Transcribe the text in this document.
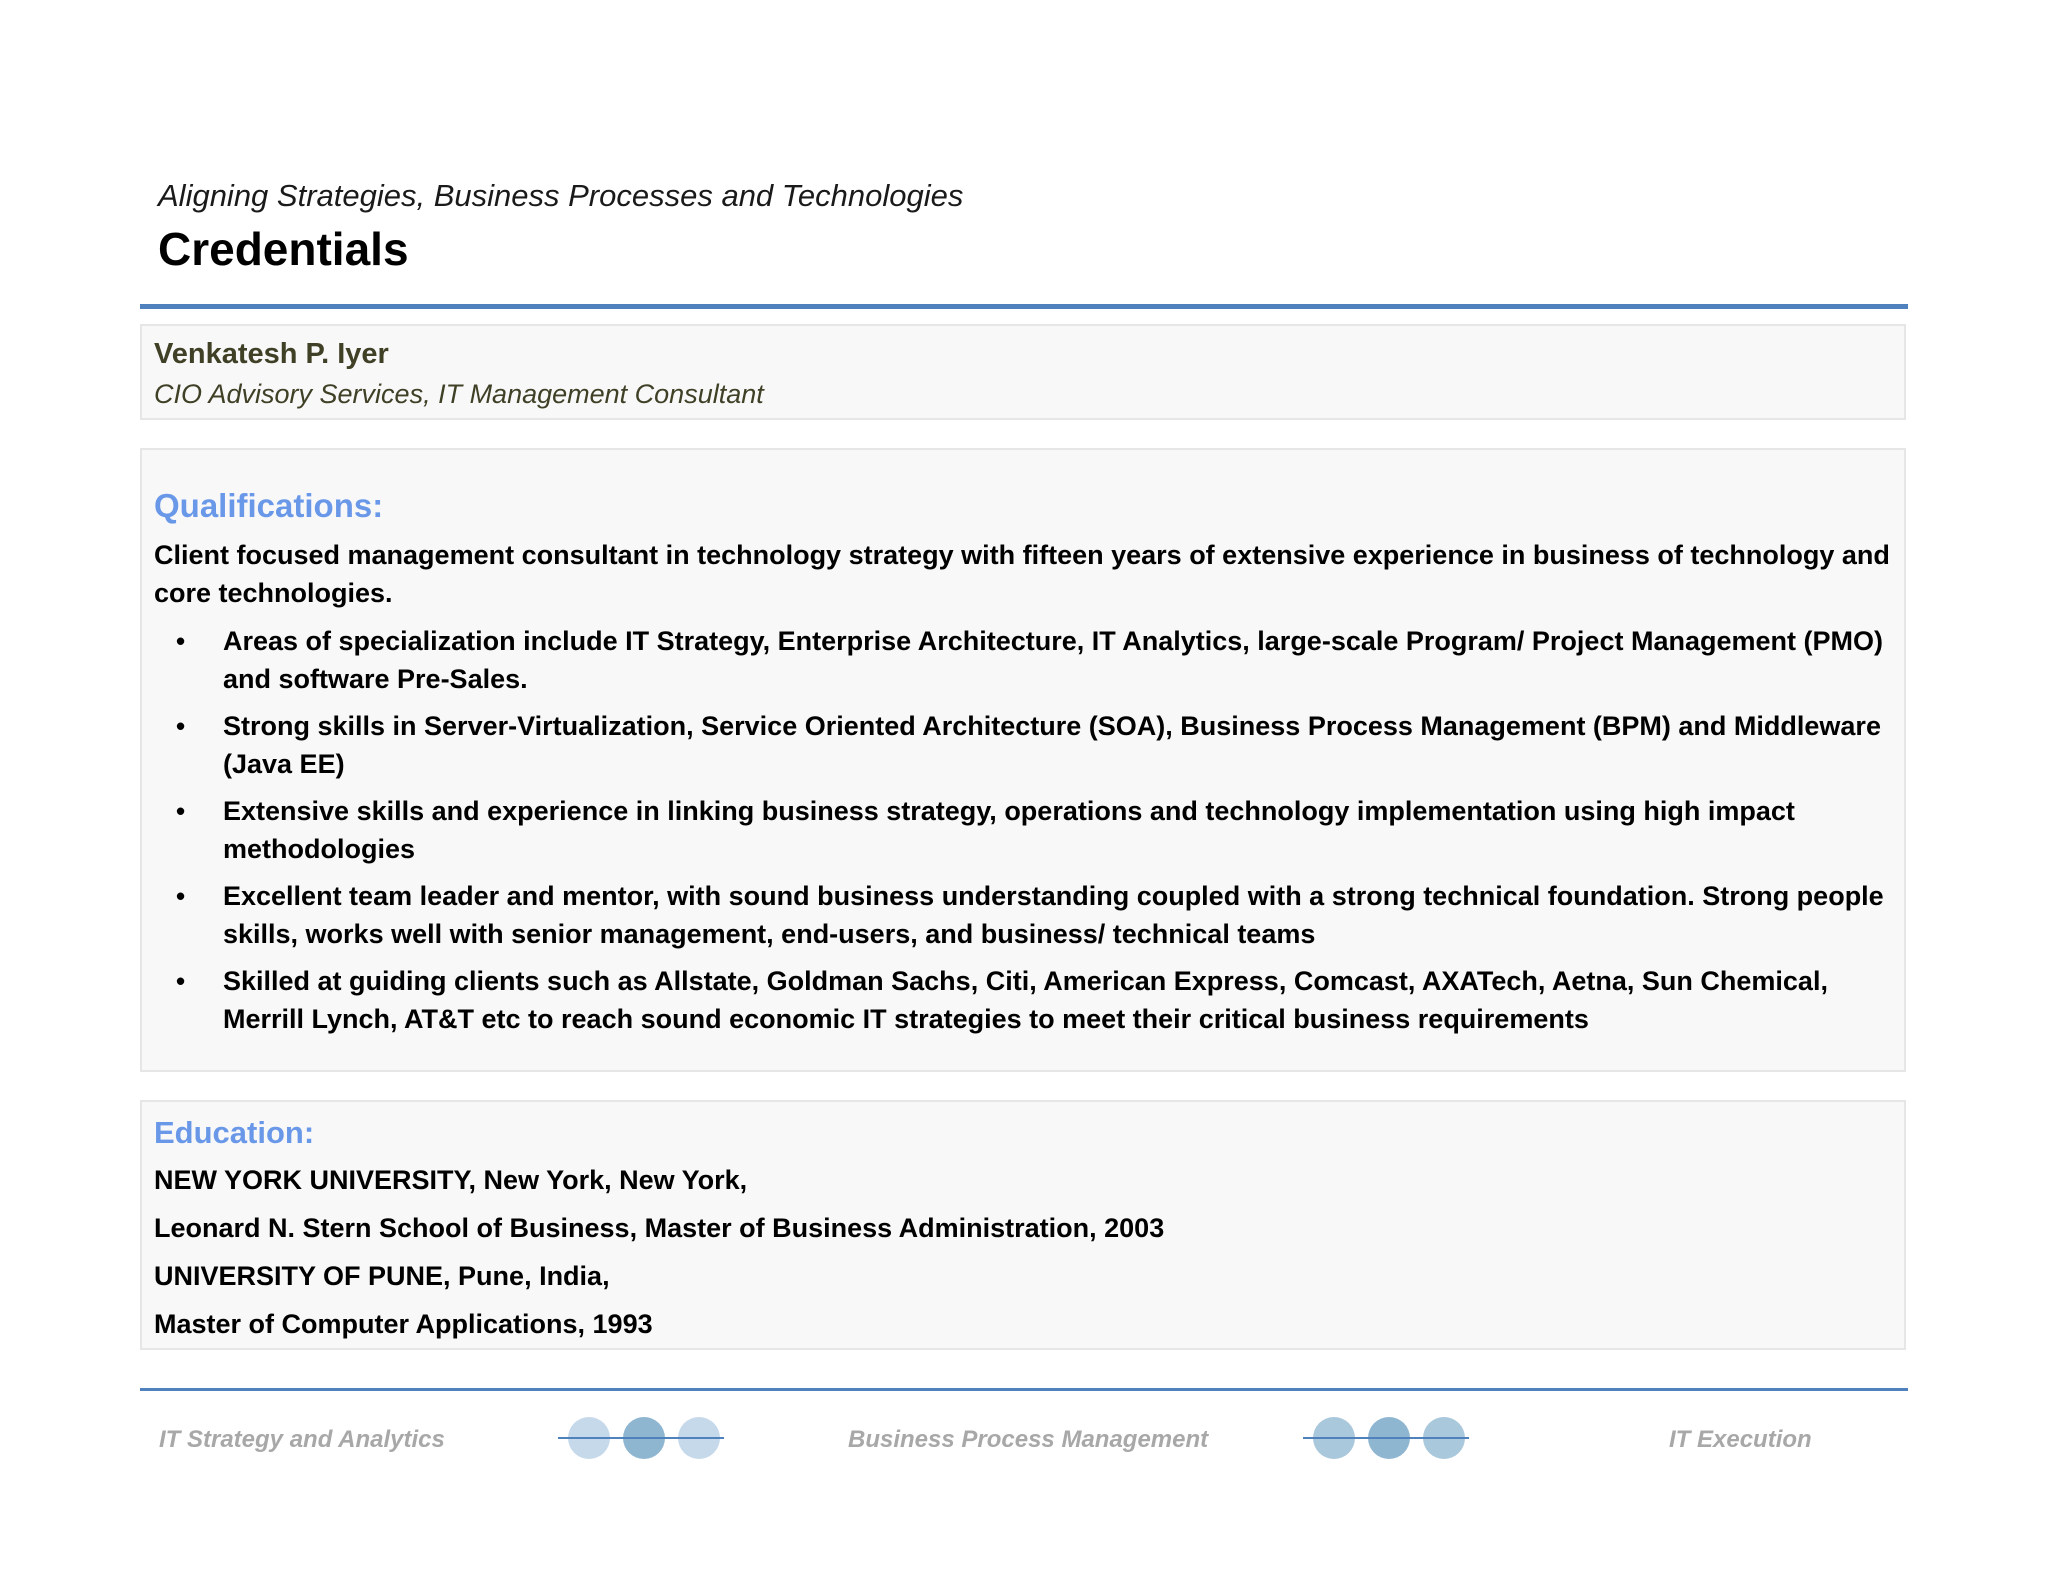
Aligning Strategies, Business Processes and Technologies
Credentials
Venkatesh P. Iyer
CIO Advisory Services, IT Management Consultant
Qualifications:
Client focused management consultant in technology strategy with fifteen years of extensive experience in business of technology and core technologies.
• Areas of specialization include IT Strategy, Enterprise Architecture, IT Analytics, large-scale Program/ Project Management (PMO) and software Pre-Sales.
• Strong skills in Server-Virtualization, Service Oriented Architecture (SOA), Business Process Management (BPM) and Middleware (Java EE)
• Extensive skills and experience in linking business strategy, operations and technology implementation using high impact methodologies
• Excellent team leader and mentor, with sound business understanding coupled with a strong technical foundation. Strong people skills, works well with senior management, end-users, and business/ technical teams
• Skilled at guiding clients such as Allstate, Goldman Sachs, Citi, American Express, Comcast, AXATech, Aetna, Sun Chemical, Merrill Lynch, AT&T etc to reach sound economic IT strategies to meet their critical business requirements
Education:
NEW YORK UNIVERSITY, New York, New York,
Leonard N. Stern School of Business, Master of Business Administration, 2003
UNIVERSITY OF PUNE, Pune, India,
Master of Computer Applications, 1993
IT Strategy and Analytics	Business Process Management	IT Execution
